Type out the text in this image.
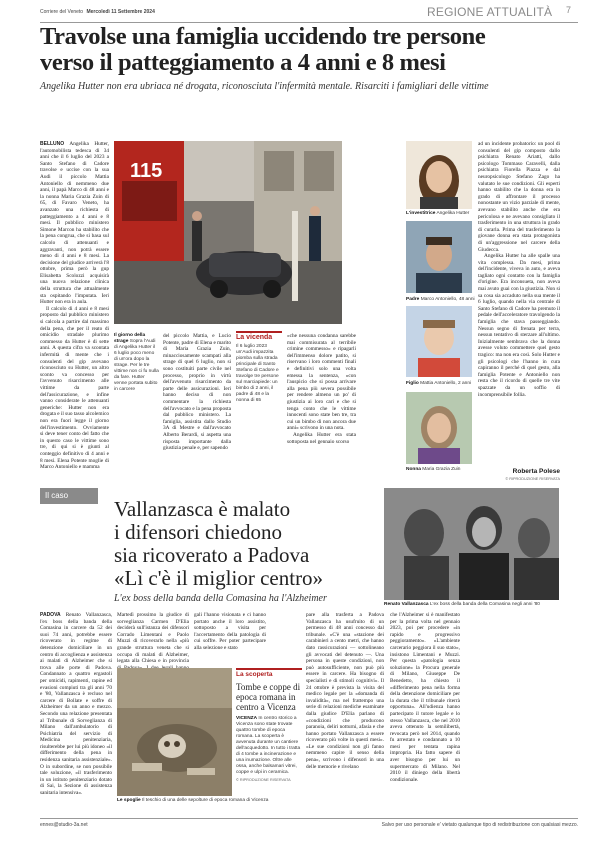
Corriere del Veneto Mercoledì 11 Settembre 2024	REGIONE ATTUALITÀ	7
Travolse una famiglia uccidendo tre persone
verso il patteggiamento a 4 anni e 8 mesi
Angelika Hutter non era ubriaca né drogata, riconosciuta l'infermità mentale. Risarciti i famigliari delle vittime
115
L'investitrice Angelika Hutter
Padre Marco Antoniello, 48 anni
Figlio Mattia Antoniello, 2 anni
Nonna Maria Grazia Zuin
BELLUNO Angelika Hutter, l'automobilista tedesca di 34 anni che il 6 luglio del 2023 a Santo Stefano di Cadore travolse e uccise con la sua Audi il piccolo Mattia Antoniello di nemmeno due anni, il papà Marco di 48 anni e la nonna Maria Grazia Zuin di 65, di Favaro Veneto, ha avanzato una richiesta di patteggiamento a 4 anni e 8 mesi. Il pubblico ministero Simone Marcon ha stabilito che la pena congrua, che si basa sul calcolo di attenuanti e aggravanti, non potrà essere meno di 4 anni e 8 mesi. La decisione del giudice arriverà l'8 ottobre, prima però la gup Elisabetta Scolozzi acquisirà una nuova relazione clinica della struttura che attualmente sta ospitando l'imputata. Ieri Hutter non era in aula.
Il calcolo di 4 anni e 8 mesi proposto dal pubblico ministero si calcola a partire dal massimo della pena, che per il reato di omicidio stradale plurimo commesso da Hutter è di sette anni. A questa cifra va scontata infermità di mente che i consulenti del gip avevano riconosciuto su Hutter, un altro sconto va concesso per l'avvenuto risarcimento alle vittime da parte dell'assicurazione, e infine vanno considerate le attenuanti generiche: Hutter non era drogata e il suo tasso alcolemico non era fuori legge il giorno dell'investimento. Ovviamente si deve tener conto del fatto che in questo caso le vittime sono tre, di qui si è giunti al conteggio definitivo di 4 anni e 8 mesi. Elena Potente moglie di Marco Antoniello e mamma
Il giorno della strage Sopra l'Audi di Angelika Hutter il 6 luglio poco meno di un'ora dopo la strage. Per le tre vittime non ci fu nulla da fare. Hutter venne portata subito in carcere
del piccolo Mattia, e Lucio Potente, padre di Elena e marito di Maria Grazia Zuin, minacciosamente scampati alla strage di quel 6 luglio, non si sono costituiti parte civile nel processo, proprio in virtù dell'avvenuto risarcimento da parte delle assicurazioni. Ieri hanno deciso di non commentare la richiesta dell'avvocato e la pena proposta dal pubblico ministero. La famiglia, assistita dallo Studio 3A di Mestre e dall'avvocato Alberto Berardi, si aspetta una risposta importante dalla giustizia penale e, per sapendo
La vicenda
Il 6 luglio 2023 un'Audi impazzita piomba sulla strada principale di Santo Stefano di Cadore e travolge tre persone sul marciapiede: un bimbo di 2 anni, il padre di 48 e la nonna di 65
«che nessuna condanna sarebbe mai commisurata al terribile crimine commesso» e ripagarli dell'immenso dolore patito, si riservano i loro commenti finali e definitivi solo una volta emessa la sentenza, «con l'auspicio che si possa arrivare alla pena più severa possibile per rendere almeno un po' di giustizia ai loro cari e che si tenga conto che le vittime innocenti sono state ben tre, tra cui un bimbo di non ancora due anni» scrivono in una nota.
Angelika Hutter era stata sottoposta nel gennaio scorso
ad un incidente probatorio: un pool di consulenti del gip composto dallo psichiatra Renato Ariatti, dallo psicologo Tommaso Caravelli, dalla psichiatra Fiorella Piazza e dal neuropsicologo Stefano Zago ha valutato le sue condizioni. Gli esperti hanno stabilito che la donna era in grado di affrontare il processo nonostante un vizio parziale di mente, avevano stabilito anche che era pericolosa e ne avevano consigliato il trasferimento in una struttura in grado di curarla. Prima del trasferimento la giovane donna era stata protagonista di un'aggressione nel carcere della Giudecca.
Angelika Hutter ha alle spalle una vita complessa. Da mesi, prima dell'incidente, viveva in auto, e aveva tagliato ogni contatto con la famiglia d'origine. Era inconsueta, non aveva mai avuto guai con la giustizia. Non si sa cosa sia accaduto nella sua mente il 6 luglio, quando nella via centrale di Santo Stefano di Cadore ha premuto il pedale dell'acceleratore travolgendo la famiglia che stava passeggiando. Nessun segno di frenata per terra, nessun tentativo di sterzare all'ultimo. Inizialmente sembrava che la donna avesse voluto commettere quel gesto tragico: ma non era così. Solo Hutter e gli psicologi che l'hanno in cura capiranno il perché di quel gesto, alla famiglia Potente e Antoniello non resta che il ricordo di quelle tre vite spazzate da un soffio di incomprensibile follia.
Roberta Polese
© RIPRODUZIONE RISERVATA
Il caso
Vallanzasca è malato
i difensori chiedono
sia ricoverato a Padova
«Lì c'è il miglior centro»
L'ex boss della banda della Comasina ha l'Alzheimer
Renato Vallanzasca L'ex boss della banda della Comasina negli anni '80
PADOVA Renato Vallanzasca, l'ex boss della banda della Comasina in carcere da 52 dei suoi 74 anni, potrebbe essere ricoverato in regime di detenzione domiciliare in un centro di accoglienza e assistenza ai malati di Alzheimer che si trova alle porte di Padova. Condannato a quattro ergastoli per omicidi, rapimenti, rapine ed evasioni compiuti tra gli anni '70 e '80, Vallanzasca è recluso nel carcere di Bollate e soffre di Alzheimer da un anno e mezzo. Secondo una relazione presentata al Tribunale di Sorveglianza di Milano dall'ambulatorio di Psichiatria del servizio di Medicina penitenziaria, risulterebbe per lui più idoneo «il differimento della pena in residenza sanitaria assistenziale». O in subordine, se non possibile tale soluzione, «il trasferimento in un istituto penitenziario dotato di Sai, la Sezione di assistenza sanitaria intensiva».
Martedì prossimo la giudice di sorveglianza Carmen D'Elia deciderà sull'istanza dei difensori Corrado Limentani e Paolo Muzzi di ricoverarlo nella «più grande struttura veneta che si occupa di malati di Alzheimer, legata alla Chiesa e in provincia
gali l'hanno visionata e ci hanno portato anche il loro assistito, sottoposto a visita per l'accertamento della patologia di cui soffre. Per poter partecipare alla selezione e stato
pare alla trasferta a Padova Vallanzasca ha usufruito di un permesso di 48 anni concesso dal tribunale. «C'è una «stazione dei carabinieri a cento metri, che hanno dato rassicurazioni — sottolineano gli avvocati del detenuto —. Una persona in queste condizioni, non può autosufficiente, non può più essere in carcere. Ha bisogno di specialisti e di stimoli cognitivi». Il 24 ottobre è prevista la visita del medico legale per la «domanda di invalidità», ma nel frattempo una serie di relazioni mediche esaminate dalla giudice D'Elia parlano di «condizioni che producono paranoia, deliri notturni, afasia e che hanno portato Vallanzasca a essere ricoverato più volte in questi mesi». «Le sue condizioni non gli fanno nemmeno capire il senso della pena», scrivono i difensori in una delle memorie e rivelano
che l'Alzheimer si è manifestato per la prima volta nel gennaio 2023, poi per procedere «in rapido e progressivo peggioramento». «L'ambiente carcerario peggiora il suo stato», insistono Limentani e Muzzi. Per questa «patologia senza soluzione» la Procura generale di Milano, Giuseppe De Benedetto, ha chiesto il «differimento pena nella forma della detenzione domiciliare per la durata che il tribunale riterrà opportuna». All'udienza hanno partecipato il tutore legale e lo stesso Vallanzasca, che nel 2010 aveva ottenuto la semilibertà, revocata però nel 2014, quando fu arrestato e condannato a 10 mesi per tentata rapina impropria. Ha fatto sapere di aver bisogno per lui un supermercato di Milano. Nel 2010 il diniego della libertà condizionale.
Le spoglie Il teschio di una delle sepolture di epoca romana di Vicenza
La scoperta
Tombe e coppe di epoca romana in centro a Vicenza
VICENZA In centro storico a Vicenza sono state trovate quattro tombe di epoca romana. La scoperta è avvenuta durante un cantiere dell'acquedotto. In tutto i tratta di 4 tombe a incinerazione e una inumazione. Oltre alle ossa, anche balsamari vitrei, coppe e ulpi in ceramica.
© RIPRODUZIONE RISERVATA
ennes@studio-3a.net	Salvo per uso personale e' vietato qualunque tipo di redistribuzione con qualsiasi mezzo.
